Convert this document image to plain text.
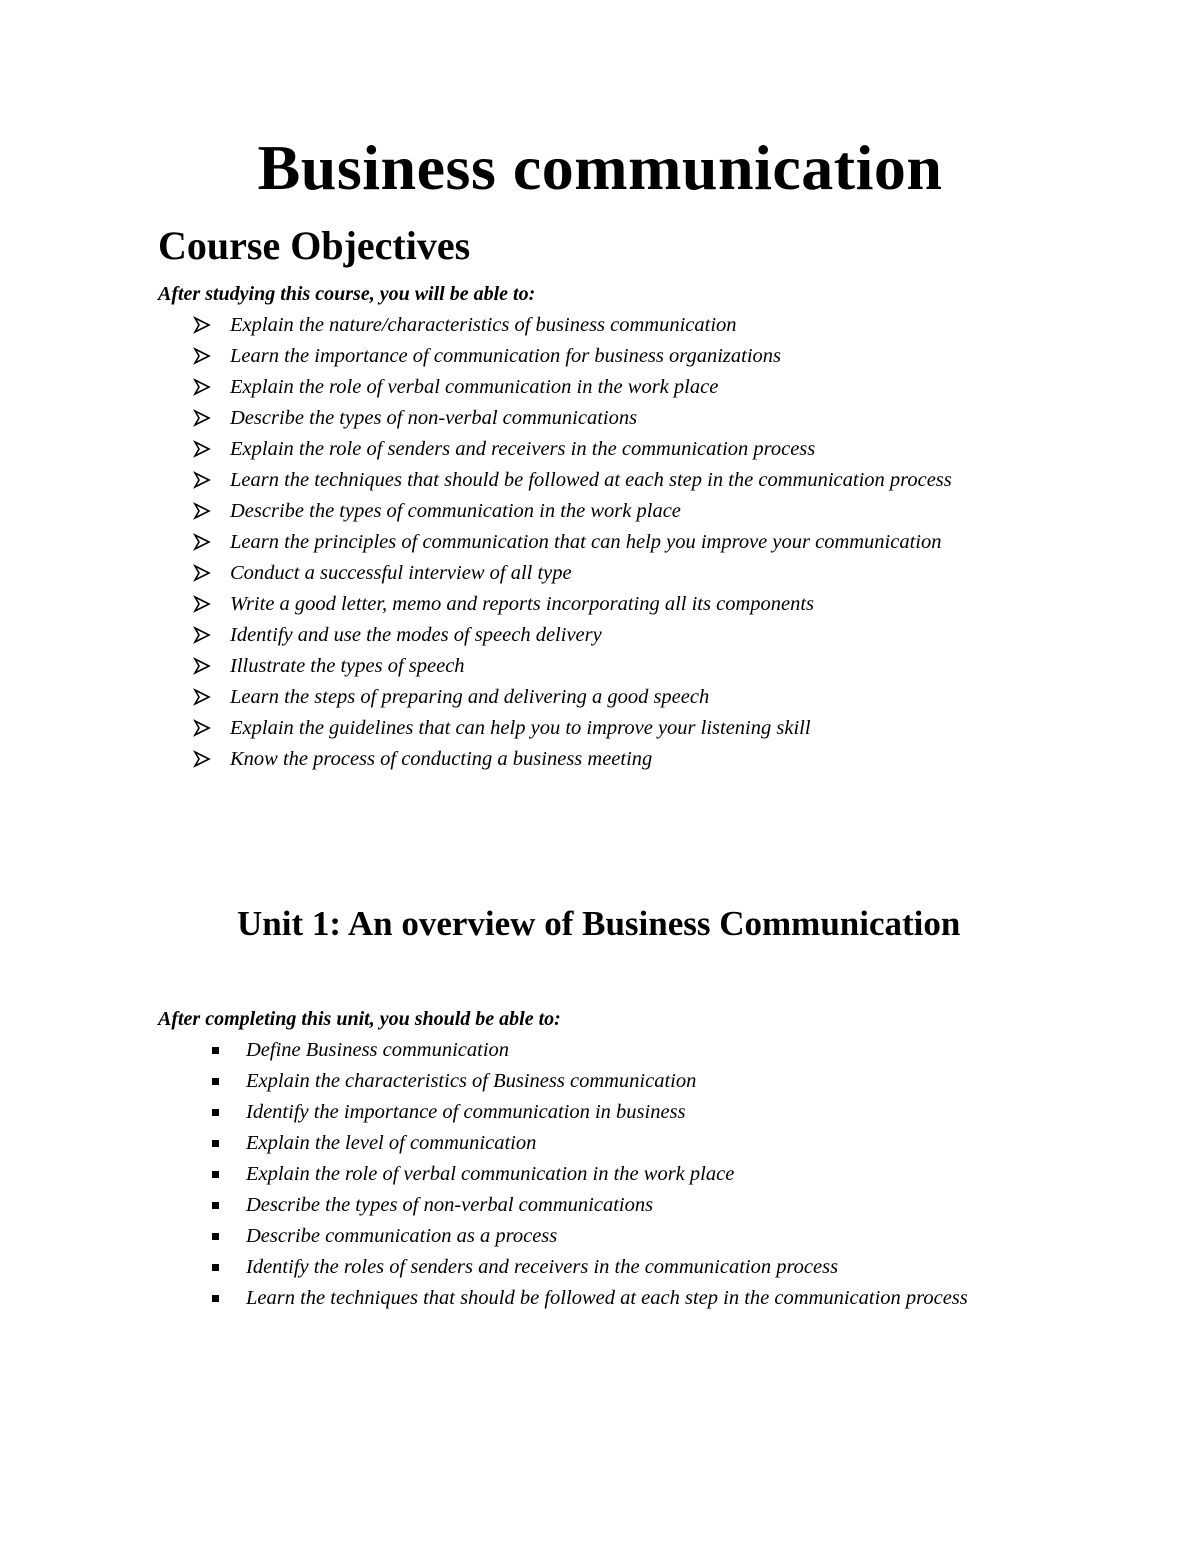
Business communication
Course Objectives

After studying this course, you will be able to:

Explain the nature/characteristics of business communication
Learn the importance of communication for business organizations
Explain the role of verbal communication in the work place
Describe the types of non-verbal communications
Explain the role of senders and receivers in the communication process
Learn the techniques that should be followed at each step in the communication process
Describe the types of communication in the work place
Learn the principles of communication that can help you improve your communication
Conduct a successful interview of all type
Write a good letter, memo and reports incorporating all its components
Identify and use the modes of speech delivery
Illustrate the types of speech
Learn the steps of preparing and delivering a good speech
Explain the guidelines that can help you to improve your listening skill
Know the process of conducting a business meeting
Unit 1: An overview of Business Communication

After completing this unit, you should be able to:

Define Business communication
Explain the characteristics of Business communication
Identify the importance of communication in business
Explain the level of communication
Explain the role of verbal communication in the work place
Describe the types of non-verbal communications
Describe communication as a process
Identify the roles of senders and receivers in the communication process
Learn the techniques that should be followed at each step in the communication process
